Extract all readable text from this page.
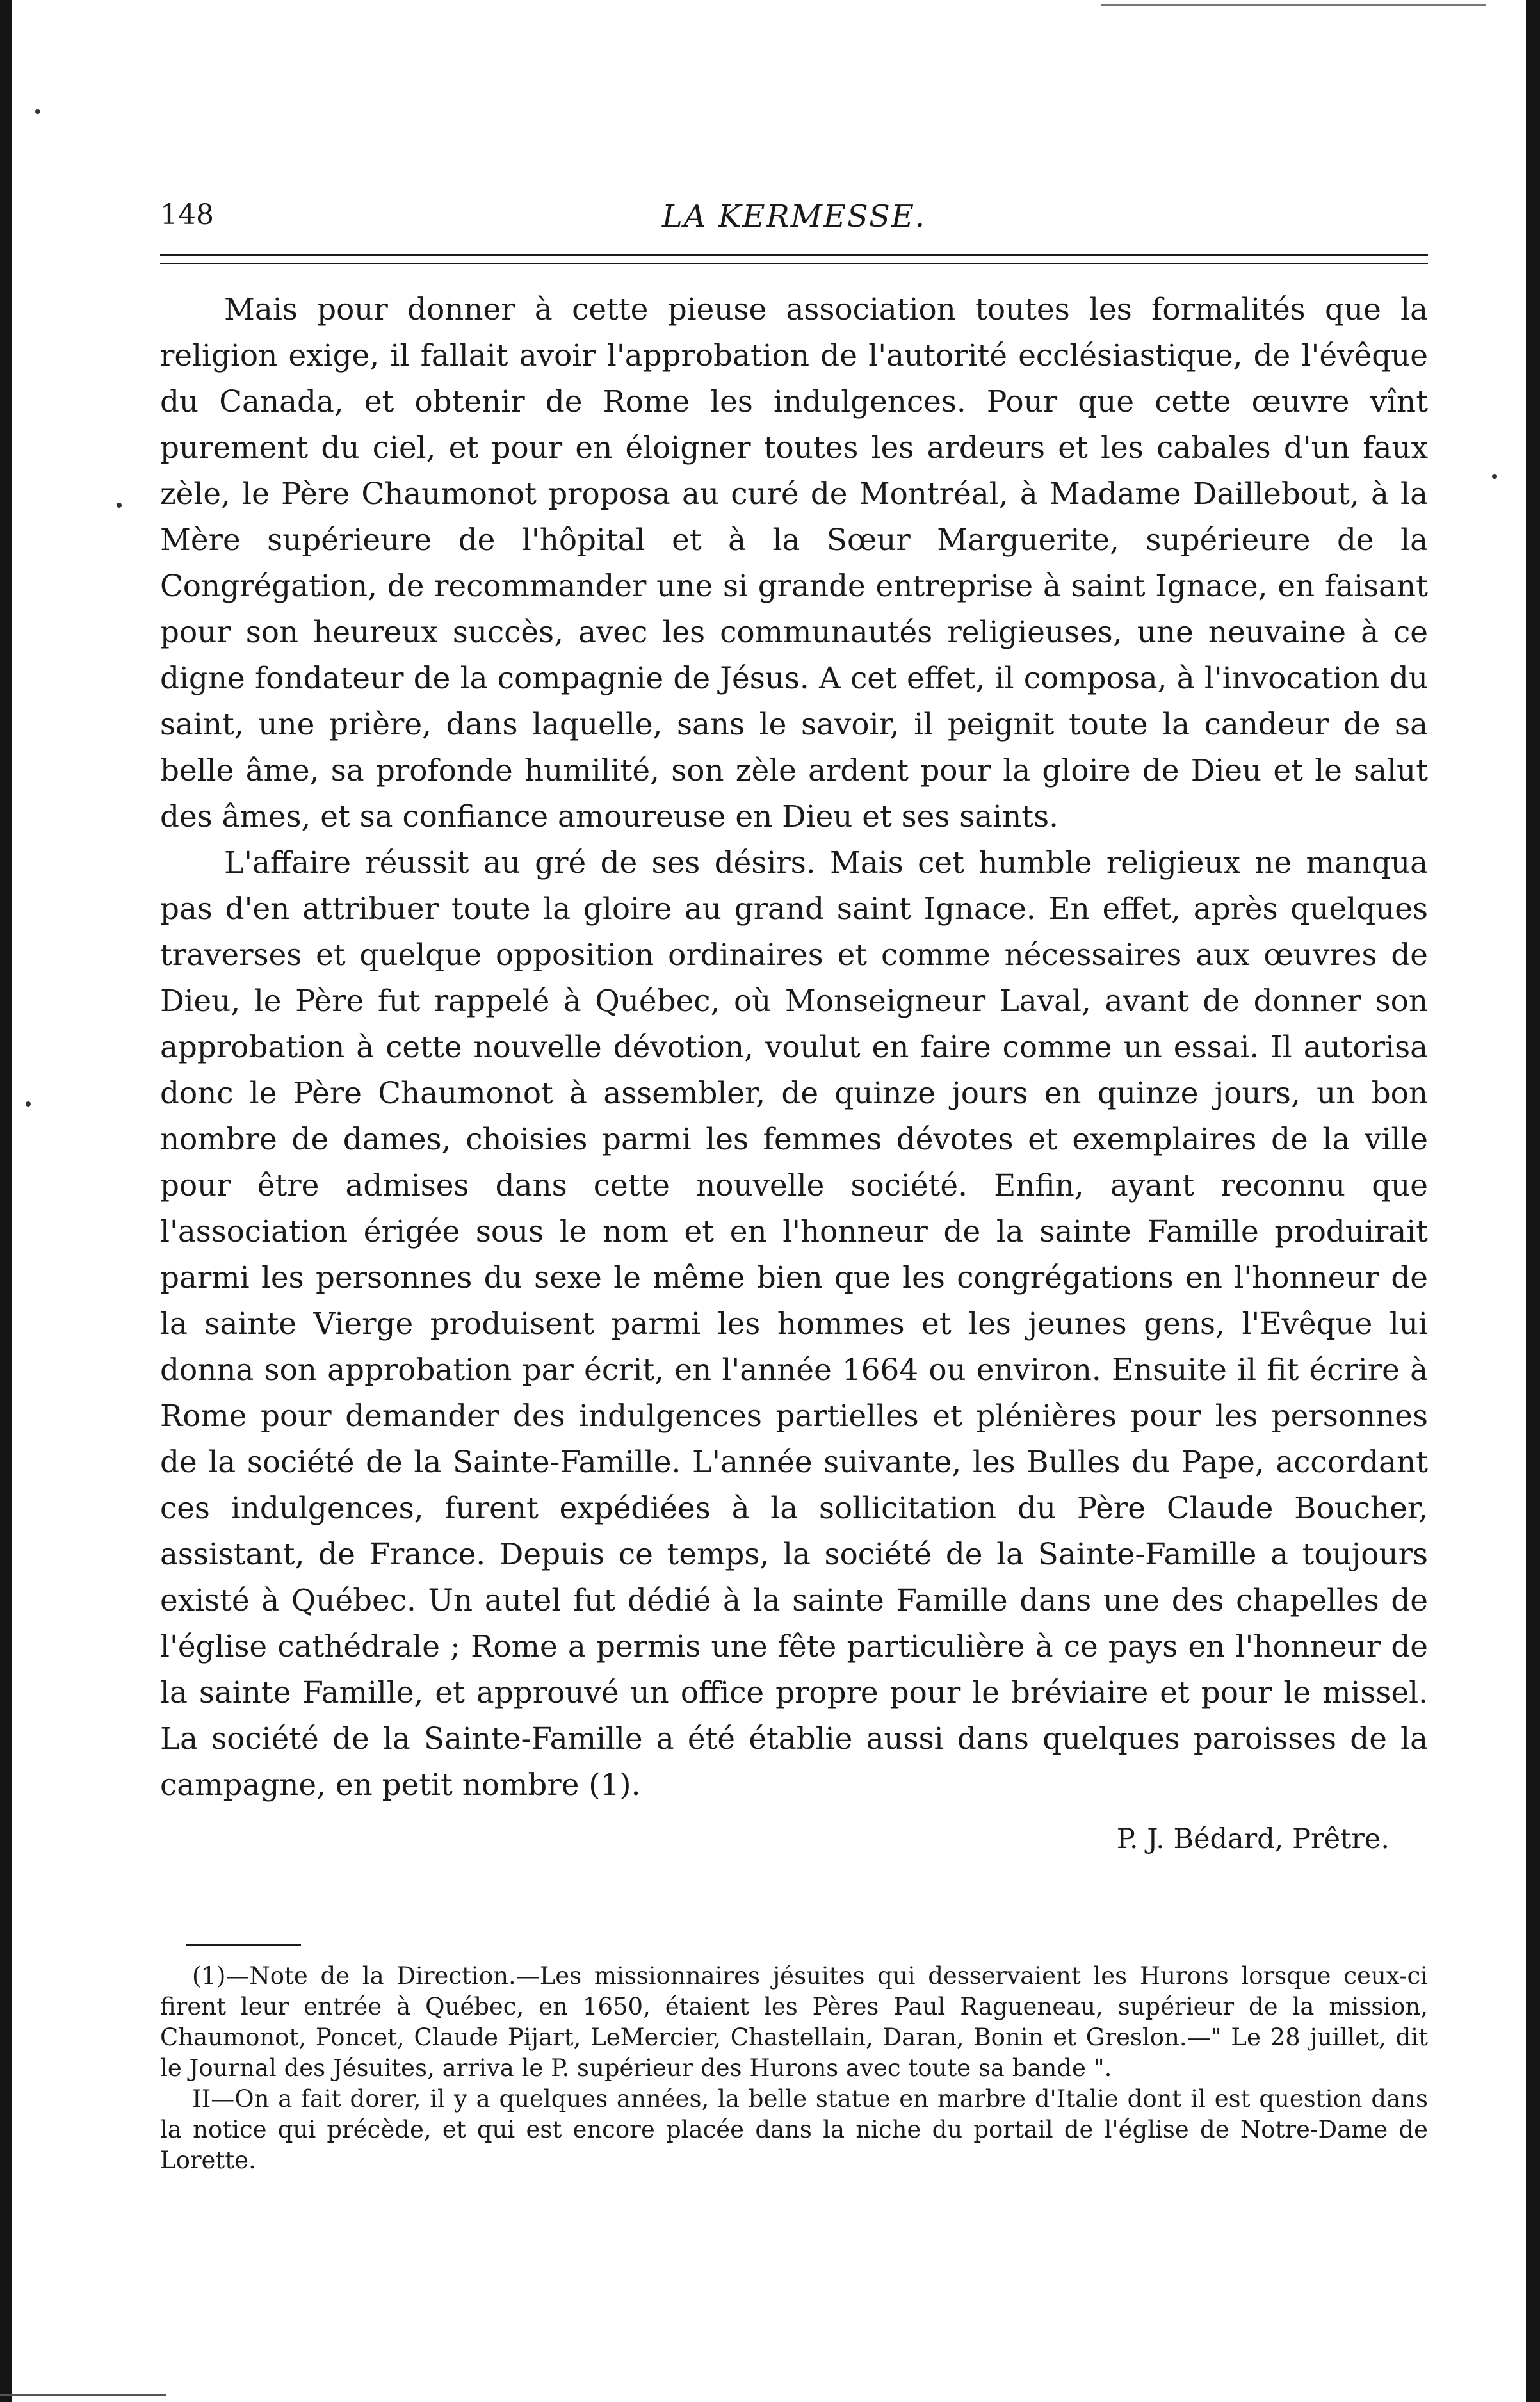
148	LA KERMESSE.

Mais pour donner à cette pieuse association toutes les formalités que la religion exige, il fallait avoir l'approbation de l'autorité ecclésiastique, de l'évêque du Canada, et obtenir de Rome les indulgences. Pour que cette œuvre vînt purement du ciel, et pour en éloigner toutes les ardeurs et les cabales d'un faux zèle, le Père Chaumonot proposa au curé de Montréal, à Madame Daillebout, à la Mère supérieure de l'hôpital et à la Sœur Marguerite, supérieure de la Congrégation, de recommander une si grande entreprise à saint Ignace, en faisant pour son heureux succès, avec les communautés religieuses, une neuvaine à ce digne fondateur de la compagnie de Jésus. A cet effet, il composa, à l'invocation du saint, une prière, dans laquelle, sans le savoir, il peignit toute la candeur de sa belle âme, sa profonde humilité, son zèle ardent pour la gloire de Dieu et le salut des âmes, et sa confiance amoureuse en Dieu et ses saints.

L'affaire réussit au gré de ses désirs. Mais cet humble religieux ne manqua pas d'en attribuer toute la gloire au grand saint Ignace. En effet, après quelques traverses et quelque opposition ordinaires et comme nécessaires aux œuvres de Dieu, le Père fut rappelé à Québec, où Monseigneur Laval, avant de donner son approbation à cette nouvelle dévotion, voulut en faire comme un essai. Il autorisa donc le Père Chaumonot à assembler, de quinze jours en quinze jours, un bon nombre de dames, choisies parmi les femmes dévotes et exemplaires de la ville pour être admises dans cette nouvelle société. Enfin, ayant reconnu que l'association érigée sous le nom et en l'honneur de la sainte Famille produirait parmi les personnes du sexe le même bien que les congrégations en l'honneur de la sainte Vierge produisent parmi les hommes et les jeunes gens, l'Evêque lui donna son approbation par écrit, en l'année 1664 ou environ. Ensuite il fit écrire à Rome pour demander des indulgences partielles et plénières pour les personnes de la société de la Sainte-Famille. L'année suivante, les Bulles du Pape, accordant ces indulgences, furent expédiées à la sollicitation du Père Claude Boucher, assistant, de France. Depuis ce temps, la société de la Sainte-Famille a toujours existé à Québec. Un autel fut dédié à la sainte Famille dans une des chapelles de l'église cathédrale ; Rome a permis une fête particulière à ce pays en l'honneur de la sainte Famille, et approuvé un office propre pour le bréviaire et pour le missel. La société de la Sainte-Famille a été établie aussi dans quelques paroisses de la campagne, en petit nombre (1).

P. J. Bédard, Prêtre.

(1)—Note de la Direction.—Les missionnaires jésuites qui desservaient les Hurons lorsque ceux-ci firent leur entrée à Québec, en 1650, étaient les Pères Paul Ragueneau, supérieur de la mission, Chaumonot, Poncet, Claude Pijart, LeMercier, Chastellain, Daran, Bonin et Greslon.—" Le 28 juillet, dit le Journal des Jésuites, arriva le P. supérieur des Hurons avec toute sa bande ".

II—On a fait dorer, il y a quelques années, la belle statue en marbre d'Italie dont il est question dans la notice qui précède, et qui est encore placée dans la niche du portail de l'église de Notre-Dame de Lorette.
